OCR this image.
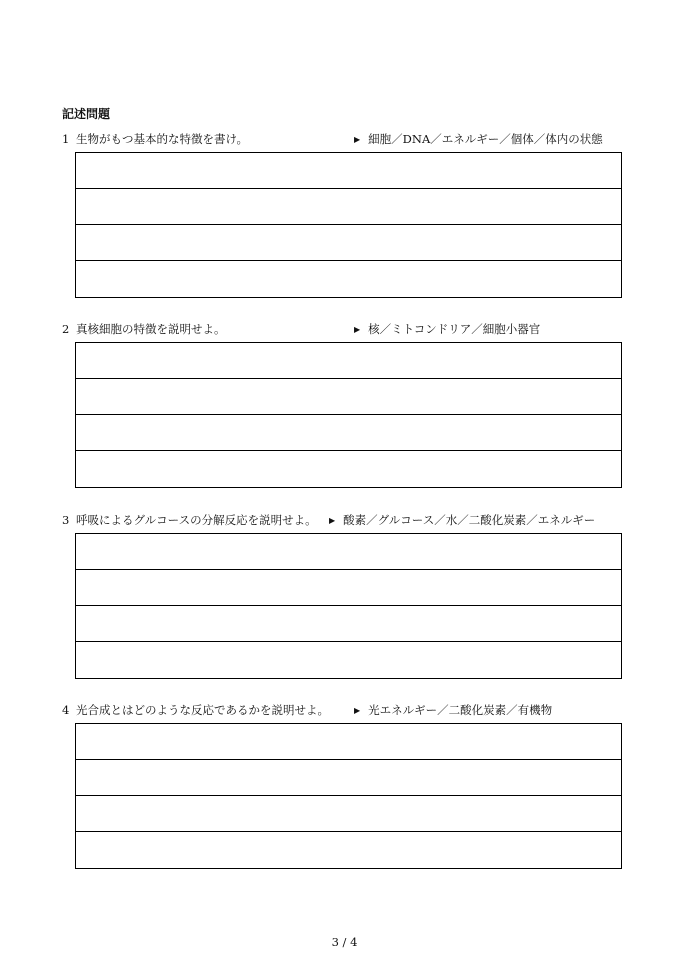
記述問題
1 生物がもつ基本的な特徴を書け。	▶ 細胞／DNA／エネルギー／個体／体内の状態
2 真核細胞の特徴を説明せよ。	▶ 核／ミトコンドリア／細胞小器官
3 呼吸によるグルコースの分解反応を説明せよ。 ▶ 酸素／グルコース／水／二酸化炭素／エネルギー
4 光合成とはどのような反応であるかを説明せよ。	▶ 光エネルギー／二酸化炭素／有機物
3 / 4
